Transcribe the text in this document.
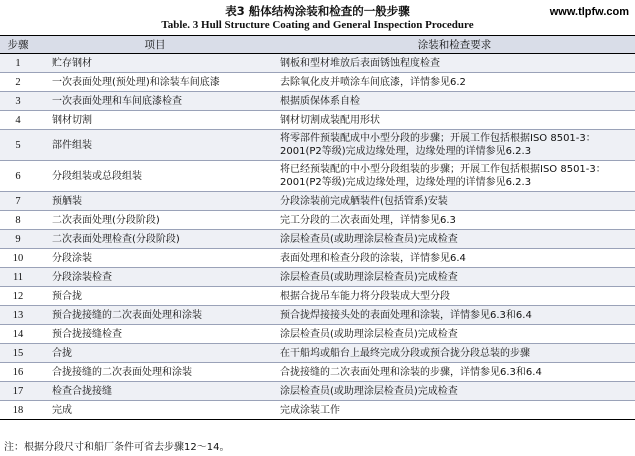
表3 船体结构涂装和检查的一般步骤
Table. 3 Hull Structure Coating and General Inspection Procedure
www.tlpfw.com
步骤	项目	涂装和检查要求
1	贮存钢材	钢板和型材堆放后表面锈蚀程度检查
2	一次表面处理(预处理)和涂装车间底漆	去除氧化皮并喷涂车间底漆，详情参见6.2
3	一次表面处理和车间底漆检查	根据质保体系自检
4	钢材切割	钢材切割成装配用形状
5	部件组装	将零部件预装配成中小型分段的步骤；开展工作包括根据ISO 8501-3：2001(P2等级)完成边缘处理，边缘处理的详情参见6.2.3
6	分段组装或总段组装	将已经预装配的中小型分段组装的步骤；开展工作包括根据ISO 8501-3：2001(P2等级)完成边缘处理，边缘处理的详情参见6.2.3
7	预舾装	分段涂装前完成舾装件(包括管系)安装
8	二次表面处理(分段阶段)	完工分段的二次表面处理，详情参见6.3
9	二次表面处理检查(分段阶段)	涂层检查员(或助理涂层检查员)完成检查
10	分段涂装	表面处理和检查分段的涂装，详情参见6.4
11	分段涂装检查	涂层检查员(或助理涂层检查员)完成检查
12	预合拢	根据合拢吊车能力将分段装成大型分段
13	预合拢接缝的二次表面处理和涂装	预合拢焊接接头处的表面处理和涂装，详情参见6.3和6.4
14	预合拢接缝检查	涂层检查员(或助理涂层检查员)完成检查
15	合拢	在干船坞或船台上最终完成分段或预合拢分段总装的步骤
16	合拢接缝的二次表面处理和涂装	合拢接缝的二次表面处理和涂装的步骤，详情参见6.3和6.4
17	检查合拢接缝	涂层检查员(或助理涂层检查员)完成检查
18	完成	完成涂装工作
注：根据分段尺寸和船厂条件可省去步骤12～14。
